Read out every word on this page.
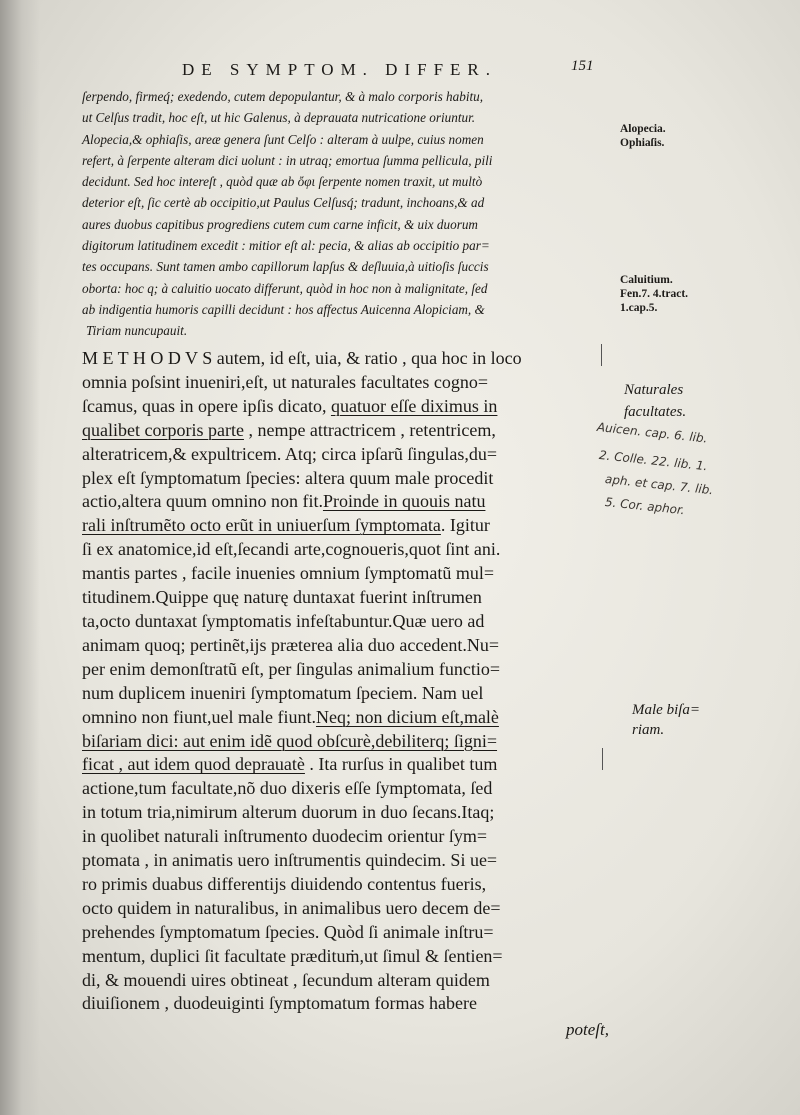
DE SYMPTOM. DIFFER.	151
ſerpendo, firmeq́; exedendo, cutem depopulantur, & à malo corporis habitu,
ut Celſus tradit, hoc eſt, ut hic Galenus, à deprauata nutricatione oriuntur.
Alopecia,& ophiaſis, areæ genera ſunt Celſo : alteram à uulpe, cuius nomen
refert, à ſerpente alteram dici uolunt : in utraq; emortua ſumma pellicula, pili
decidunt. Sed hoc intereſt , quòd quæ ab ὄφι ſerpente nomen traxit, ut multò
deterior eſt, ſic certè ab occipitio,ut Paulus Celſusq́; tradunt, inchoans,& ad
aures duobus capitibus progrediens cutem cum carne inficit, & uix duorum
digitorum latitudinem excedit : mitior eſt al: pecia, & alias ab occipitio par=
tes occupans. Sunt tamen ambo capillorum lapſus & deſluuia,à uitioſis ſuccis
oborta: hoc q; à caluitio uocato differunt, quòd in hoc non à malignitate, ſed
ab indigentia humoris capilli decidunt : hos affectus Auicenna Alopiciam, &
Tiriam nuncupauit.
M E T H O D V S autem, id eſt, uia, & ratio , qua hoc in loco
omnia poſsint inueniri,eſt, ut naturales facultates cogno=
ſcamus, quas in opere ipſis dicato, quatuor eſſe diximus in
qualibet corporis parte , nempe attractricem , retentricem,
alteratricem,& expultricem. Atq; circa ipſarũ ſingulas,du=
plex eſt ſymptomatum ſpecies: altera quum male procedit
actio,altera quum omnino non fit.Proinde in quouis natu
rali inſtrumẽto octo erũt in uniuerſum ſymptomata. Igitur
ſi ex anatomice,id eſt,ſecandi arte,cognoueris,quot ſint ani.
mantis partes , facile inuenies omnium ſymptomatũ mul=
titudinem.Quippe quę naturę duntaxat fuerint inſtrumen
ta,octo duntaxat ſymptomatis infeſtabuntur.Quæ uero ad
animam quoq; pertinẽt,ijs præterea alia duo accedent.Nu=
per enim demonſtratũ eſt, per ſingulas animalium functio=
num duplicem inueniri ſymptomatum ſpeciem. Nam uel
omnino non fiunt,uel male fiunt.Neq; non dicium eſt,malè
biſariam dici: aut enim idẽ quod obſcurè,debiliterq; ſigni=
ficat , aut idem quod deprauatè . Ita rurſus in qualibet tum
actione,tum facultate,nõ duo dixeris eſſe ſymptomata, ſed
in totum tria,nimirum alterum duorum in duo ſecans.Itaq;
in quolibet naturali inſtrumento duodecim orientur ſym=
ptomata , in animatis uero inſtrumentis quindecim. Si ue=
ro primis duabus differentijs diuidendo contentus fueris,
octo quidem in naturalibus, in animalibus uero decem de=
prehendes ſymptomatum ſpecies. Quòd ſi animale inſtru=
mentum, duplici ſit facultate prædituṁ,ut ſimul & ſentien=
di, & mouendi uires obtineat , ſecundum alteram quidem
diuiſionem , duodeuiginti ſymptomatum formas habere
Alopecia.
Ophiaſis.
Caluitium.
Fen.7. 4.tract.
1.cap.5.
Naturales
facultates.
Male biſa=
riam.
Auicen. cap. 6. lib.
2. Colle. 22. lib. 1.
aph. et cap. 7. lib.
5. Cor. aphor.
poteſt,
